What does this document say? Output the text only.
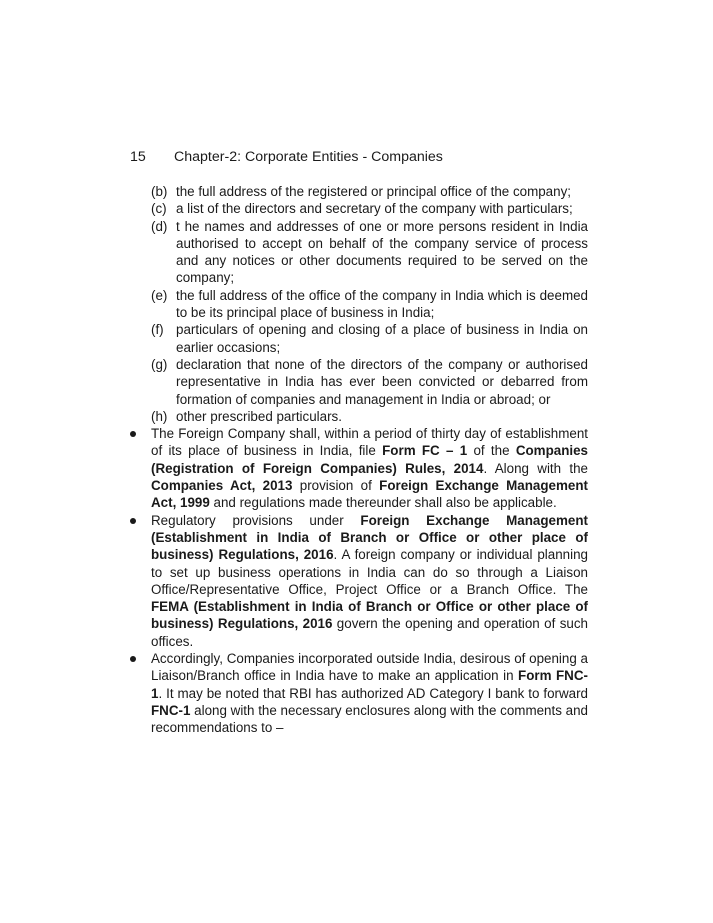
15 Chapter-2: Corporate Entities - Companies
(b) the full address of the registered or principal office of the company;
(c) a list of the directors and secretary of the company with particulars;
(d) t he names and addresses of one or more persons resident in India authorised to accept on behalf of the company service of process and any notices or other documents required to be served on the company;
(e) the full address of the office of the company in India which is deemed to be its principal place of business in India;
(f) particulars of opening and closing of a place of business in India on earlier occasions;
(g) declaration that none of the directors of the company or authorised representative in India has ever been convicted or debarred from formation of companies and management in India or abroad; or
(h) other prescribed particulars.
The Foreign Company shall, within a period of thirty day of establishment of its place of business in India, file Form FC – 1 of the Companies (Registration of Foreign Companies) Rules, 2014. Along with the Companies Act, 2013 provision of Foreign Exchange Management Act, 1999 and regulations made thereunder shall also be applicable.
Regulatory provisions under Foreign Exchange Management (Establishment in India of Branch or Office or other place of business) Regulations, 2016. A foreign company or individual planning to set up business operations in India can do so through a Liaison Office/Representative Office, Project Office or a Branch Office. The FEMA (Establishment in India of Branch or Office or other place of business) Regulations, 2016 govern the opening and operation of such offices.
Accordingly, Companies incorporated outside India, desirous of opening a Liaison/Branch office in India have to make an application in Form FNC-1. It may be noted that RBI has authorized AD Category I bank to forward FNC-1 along with the necessary enclosures along with the comments and recommendations to –
